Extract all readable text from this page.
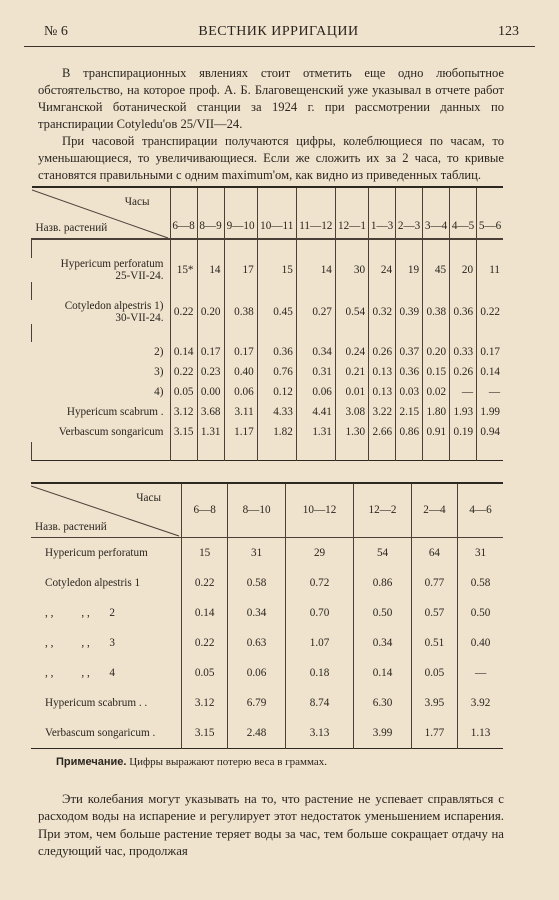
№ 6	ВЕСТНИК ИРРИГАЦИИ	123

В транспирационных явлениях стоит отметить еще одно любопытное обстоятельство, на которое проф. А. Б. Благовещенский уже указывал в отчете работ Чимганской ботанической станции за 1924 г. при рассмотрении данных по транспирации Cotyledu'ов 25/VII—24.

При часовой транспирации получаются цифры, колеблющиеся по часам, то уменьшающиеся, то увеличивающиеся. Если же сложить их за 2 часа, то кривые становятся правильными с одним maximum'ом, как видно из приведенных таблиц.

Часы
Назв. растений	6—8	8—9	9—10	10—11	11—12	12—1	1—3	2—3	3—4	4—5	5—6

Hypericum perforatum
25-VII-24.	15*	14	17	15	14	30	24	19	45	20	11

Cotyledon alpestris 1)
30-VII-24.	0.22	0.20	0.38	0.45	0.27	0.54	0.32	0.39	0.38	0.36	0.22

2)	0.14	0.17	0.17	0.36	0.34	0.24	0.26	0.37	0.20	0.33	0.17

3)	0.22	0.23	0.40	0.76	0.31	0.21	0.13	0.36	0.15	0.26	0.14

4)	0.05	0.00	0.06	0.12	0.06	0.01	0.13	0.03	0.02	—	—

Hypericum scabrum .	3.12	3.68	3.11	4.33	4.41	3.08	3.22	2.15	1.80	1.93	1.99

Verbascum songaricum	3.15	1.31	1.17	1.82	1.31	1.30	2.66	0.86	0.91	0.19	0.94

Часы
Назв. растений	6—8	8—10	10—12	12—2	2—4	4—6
Hypericum perforatum	15	31	29	54	64	31
Cotyledon alpestris 1	0.22	0.58	0.72	0.86	0.77	0.58
, ,          , ,       2	0.14	0.34	0.70	0.50	0.57	0.50
, ,          , ,       3	0.22	0.63	1.07	0.34	0.51	0.40
, ,          , ,       4	0.05	0.06	0.18	0.14	0.05	—
Hypericum scabrum . .	3.12	6.79	8.74	6.30	3.95	3.92
Verbascum songaricum .	3.15	2.48	3.13	3.99	1.77	1.13
Примечание. Цифры выражают потерю веса в граммах.

Эти колебания могут указывать на то, что растение не успевает справляться с расходом воды на испарение и регулирует этот недостаток уменьшением испарения. При этом, чем больше растение теряет воды за час, тем больше сокращает отдачу на следующий час, продолжая
